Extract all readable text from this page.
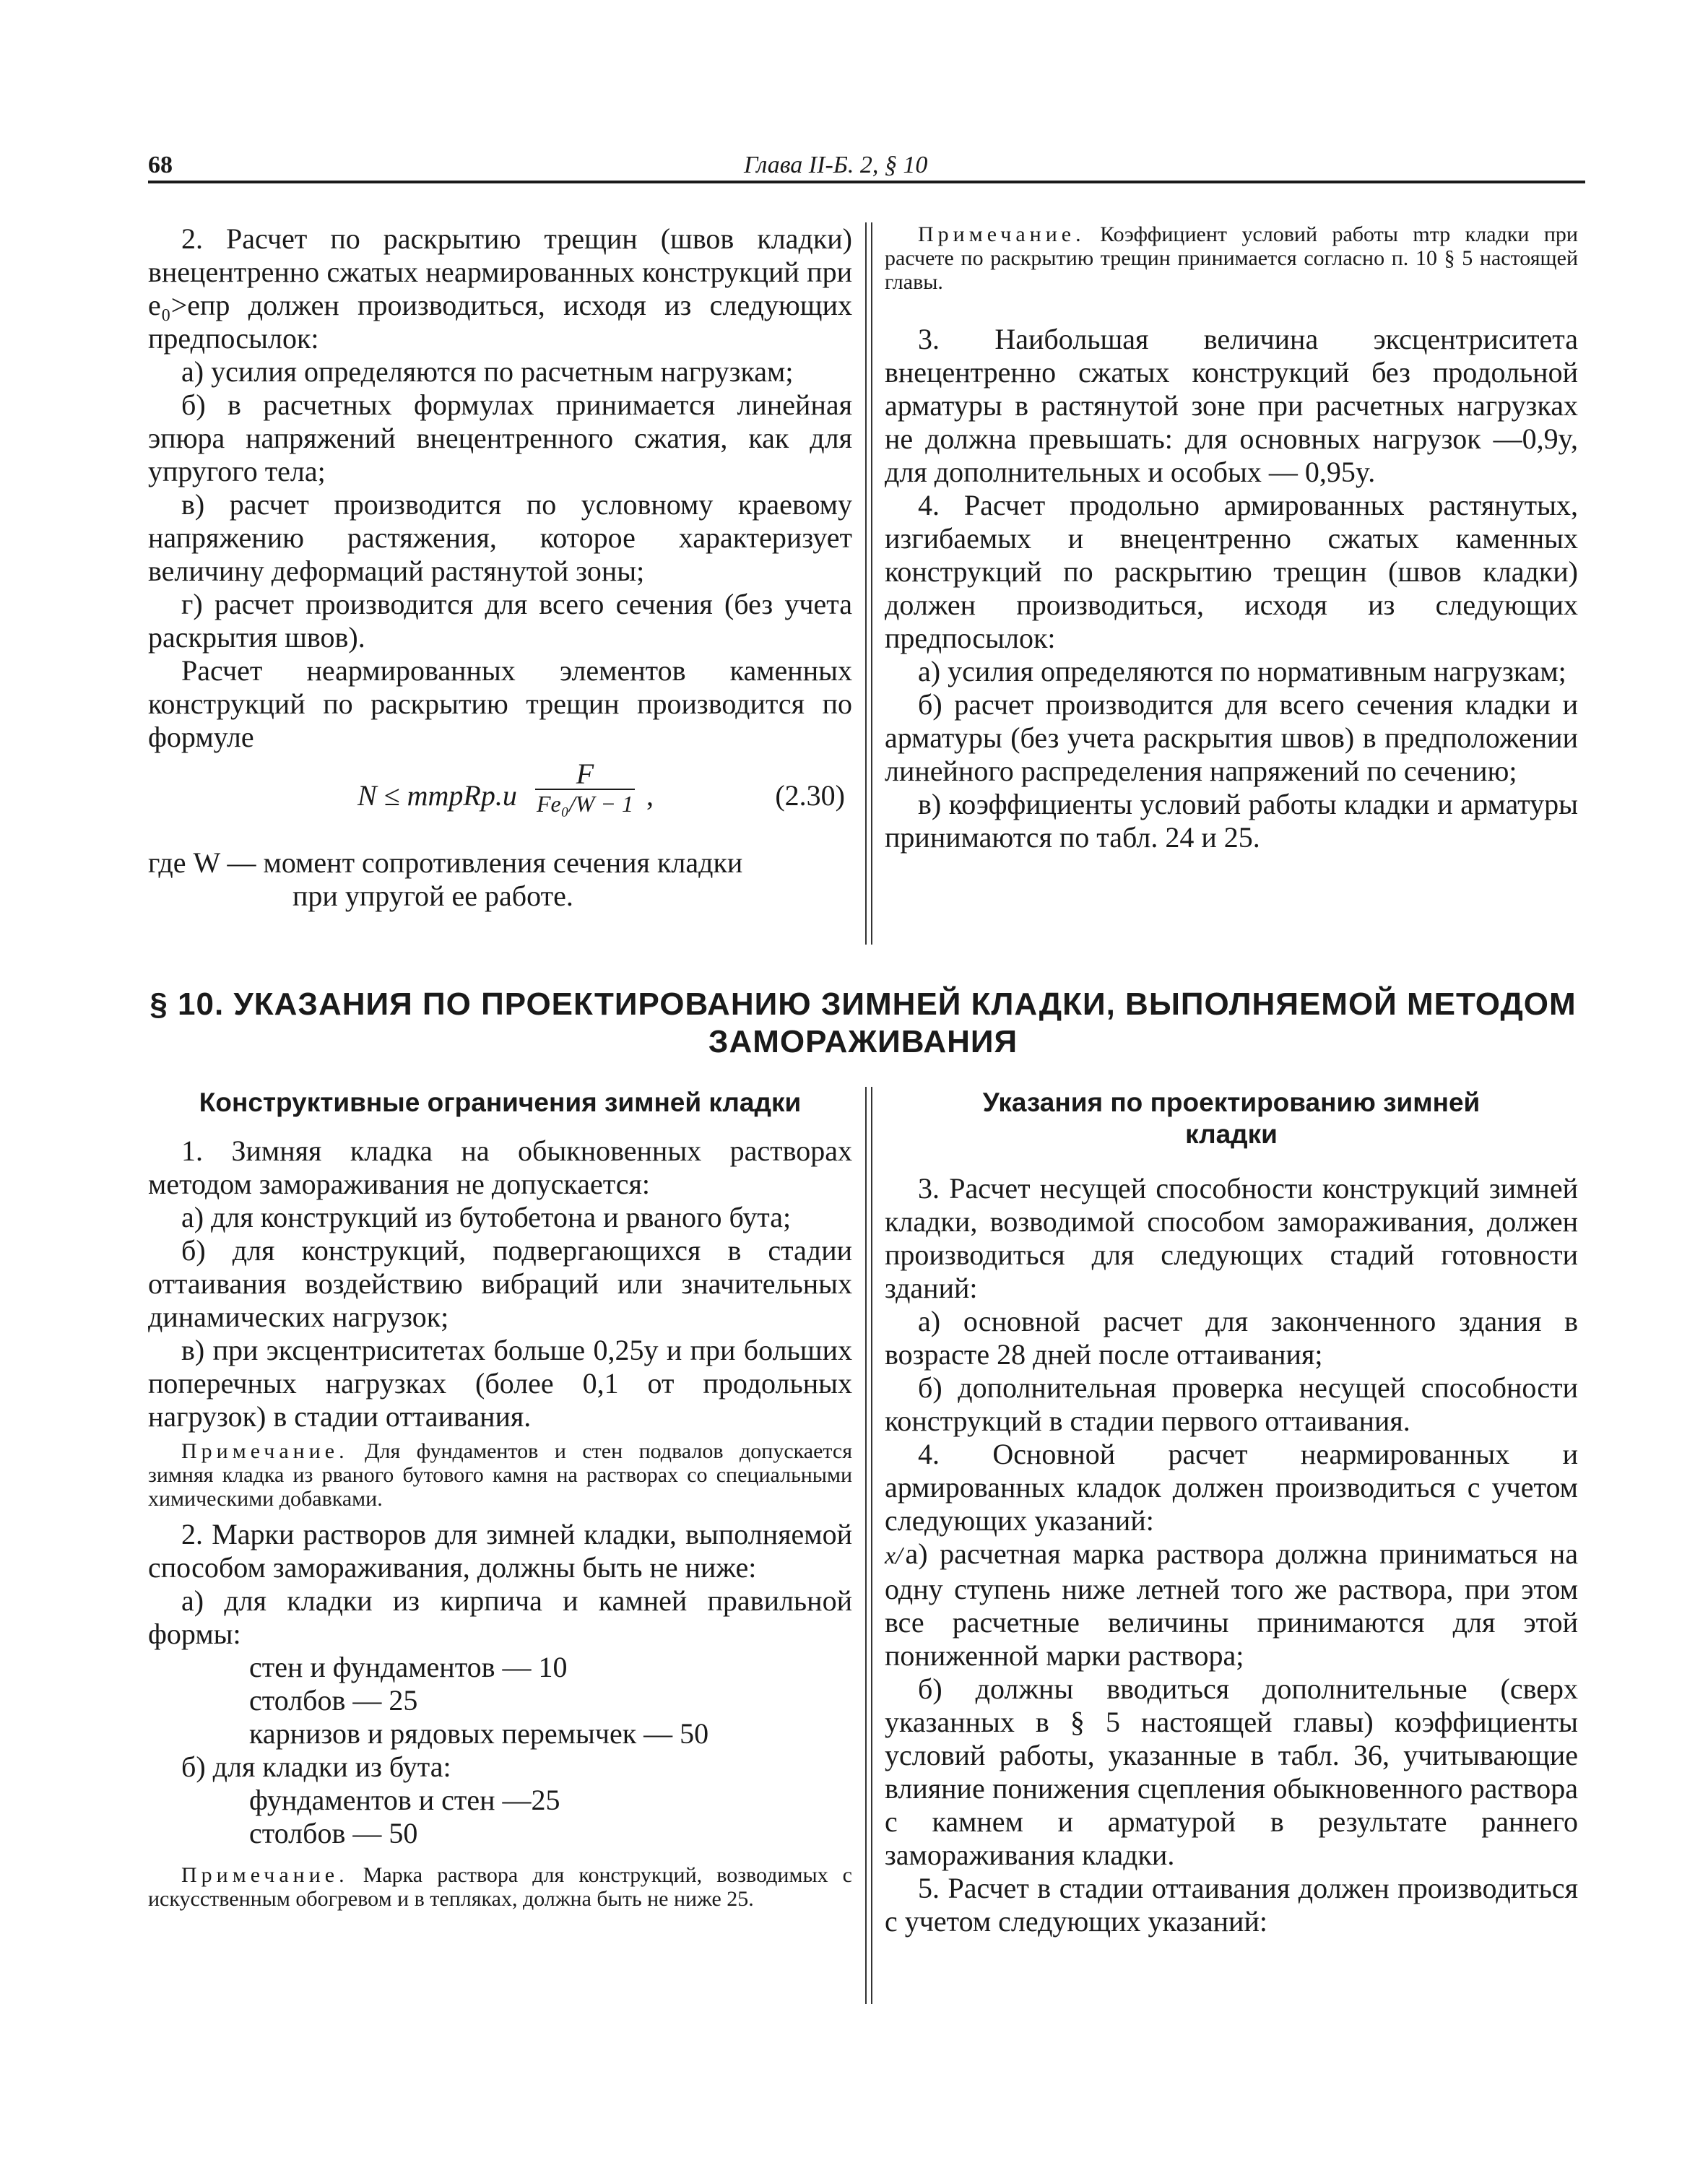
68	Глава II-Б. 2, § 10

2. Расчет по раскрытию трещин (швов кладки) внецентренно сжатых неармированных конструкций при e₀>eпр должен производиться, исходя из следующих предпосылок:

а) усилия определяются по расчетным нагрузкам;

б) в расчетных формулах принимается линейная эпюра напряжений внецентренного сжатия, как для упругого тела;

в) расчет производится по условному краевому напряжению растяжения, которое характеризует величину деформаций растянутой зоны;

г) расчет производится для всего сечения (без учета раскрытия швов).

Расчет неармированных элементов каменных конструкций по раскрытию трещин производится по формуле

N ≤ mтрRр.и
F
Fe₀/W − 1 ,	(2.30)

где W — момент сопротивления сечения кладки

при упругой ее работе.

Примечание. Коэффициент условий работы mтр кладки при расчете по раскрытию трещин принимается согласно п. 10 § 5 настоящей главы.

3. Наибольшая величина эксцентриситета внецентренно сжатых конструкций без продольной арматуры в растянутой зоне при расчетных нагрузках не должна превышать: для основных нагрузок —0,9y, для дополнительных и особых — 0,95y.

4. Расчет продольно армированных растянутых, изгибаемых и внецентренно сжатых каменных конструкций по раскрытию трещин (швов кладки) должен производиться, исходя из следующих предпосылок:

а) усилия определяются по нормативным нагрузкам;

б) расчет производится для всего сечения кладки и арматуры (без учета раскрытия швов) в предположении линейного распределения напряжений по сечению;

в) коэффициенты условий работы кладки и арматуры принимаются по табл. 24 и 25.

§ 10. УКАЗАНИЯ ПО ПРОЕКТИРОВАНИЮ ЗИМНЕЙ КЛАДКИ, ВЫПОЛНЯЕМОЙ МЕТОДОМ
ЗАМОРАЖИВАНИЯ
Конструктивные ограничения зимней кладки

1. Зимняя кладка на обыкновенных растворах методом замораживания не допускается:

а) для конструкций из бутобетона и рваного бута;

б) для конструкций, подвергающихся в стадии оттаивания воздействию вибраций или значительных динамических нагрузок;

в) при эксцентриситетах больше 0,25y и при больших поперечных нагрузках (более 0,1 от продольных нагрузок) в стадии оттаивания.

Примечание. Для фундаментов и стен подвалов допускается зимняя кладка из рваного бутового камня на растворах со специальными химическими добавками.

2. Марки растворов для зимней кладки, выполняемой способом замораживания, должны быть не ниже:

а) для кладки из кирпича и камней правильной формы:

стен и фундаментов — 10

столбов — 25

карнизов и рядовых перемычек — 50

б) для кладки из бута:

фундаментов и стен —25

столбов — 50

Примечание. Марка раствора для конструкций, возводимых с искусственным обогревом и в тепляках, должна быть не ниже 25.
Указания по проектированию зимней кладки

3. Расчет несущей способности конструкций зимней кладки, возводимой способом замораживания, должен производиться для следующих стадий готовности зданий:

а) основной расчет для законченного здания в возрасте 28 дней после оттаивания;

б) дополнительная проверка несущей способности конструкций в стадии первого оттаивания.

4. Основной расчет неармированных и армированных кладок должен производиться с учетом следующих указаний:

х/ а) расчетная марка раствора должна приниматься на одну ступень ниже летней того же раствора, при этом все расчетные величины принимаются для этой пониженной марки раствора;

б) должны вводиться дополнительные (сверх указанных в § 5 настоящей главы) коэффициенты условий работы, указанные в табл. 36, учитывающие влияние понижения сцепления обыкновенного раствора с камнем и арматурой в результате раннего замораживания кладки.

5. Расчет в стадии оттаивания должен производиться с учетом следующих указаний:
